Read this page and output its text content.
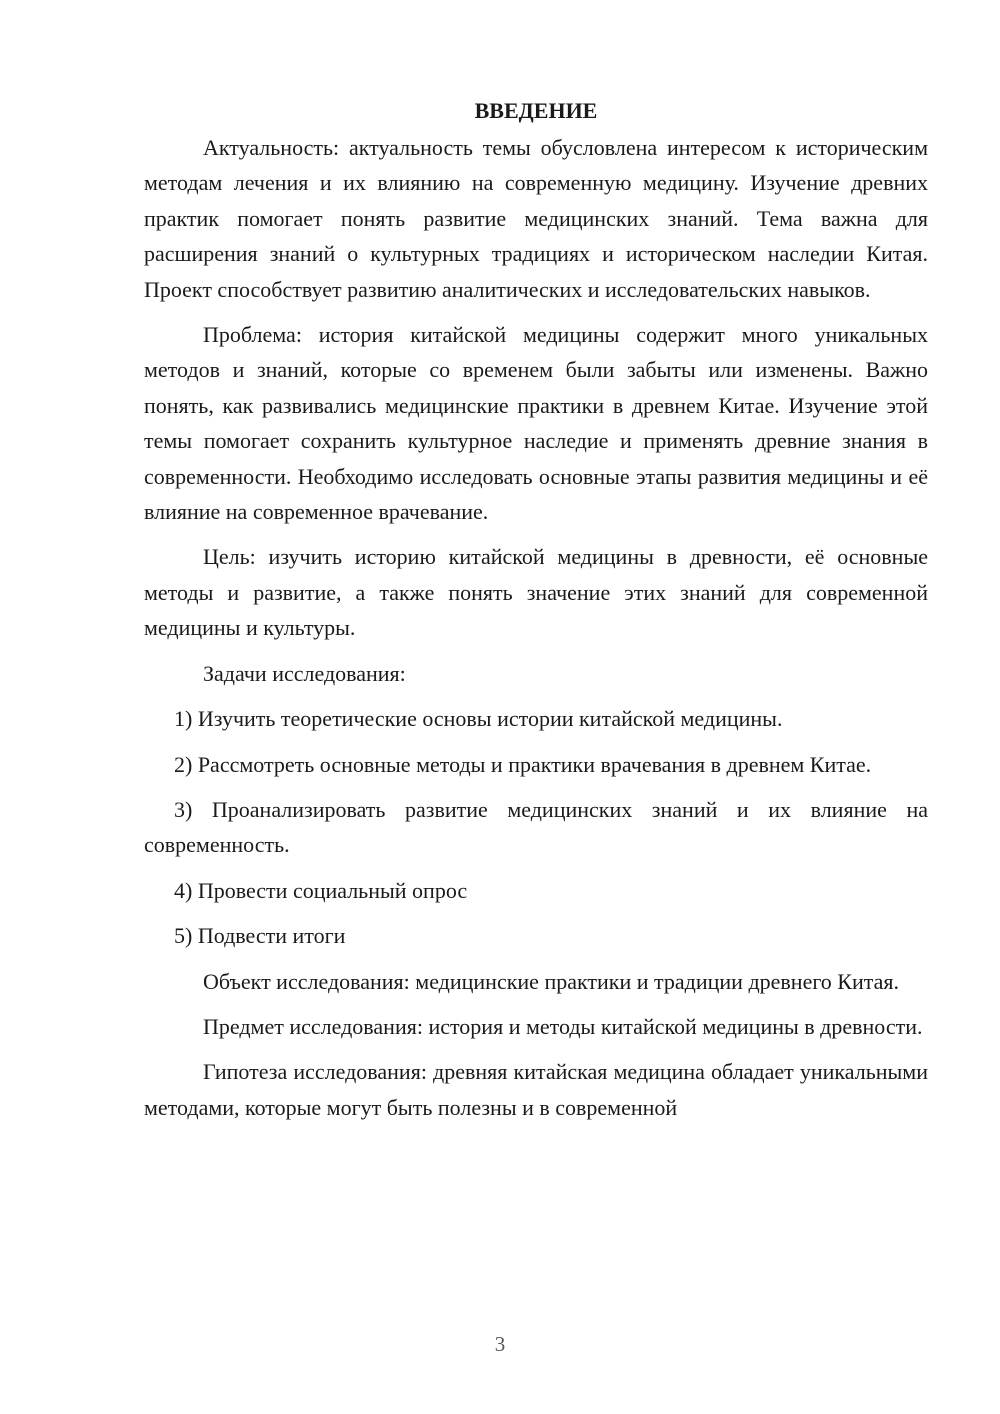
ВВЕДЕНИЕ

Актуальность: актуальность темы обусловлена интересом к историческим методам лечения и их влиянию на современную медицину. Изучение древних практик помогает понять развитие медицинских знаний. Тема важна для расширения знаний о культурных традициях и историческом наследии Китая. Проект способствует развитию аналитических и исследовательских навыков.

Проблема: история китайской медицины содержит много уникальных методов и знаний, которые со временем были забыты или изменены. Важно понять, как развивались медицинские практики в древнем Китае. Изучение этой темы помогает сохранить культурное наследие и применять древние знания в современности. Необходимо исследовать основные этапы развития медицины и её влияние на современное врачевание.

Цель: изучить историю китайской медицины в древности, её основные методы и развитие, а также понять значение этих знаний для современной медицины и культуры.

Задачи исследования:

1) Изучить теоретические основы истории китайской медицины.

2) Рассмотреть основные методы и практики врачевания в древнем Китае.

3) Проанализировать развитие медицинских знаний и их влияние на современность.

4) Провести социальный опрос

5) Подвести итоги

Объект исследования: медицинские практики и традиции древнего Китая.

Предмет исследования: история и методы китайской медицины в древности.

Гипотеза исследования: древняя китайская медицина обладает уникальными методами, которые могут быть полезны и в современной

3
